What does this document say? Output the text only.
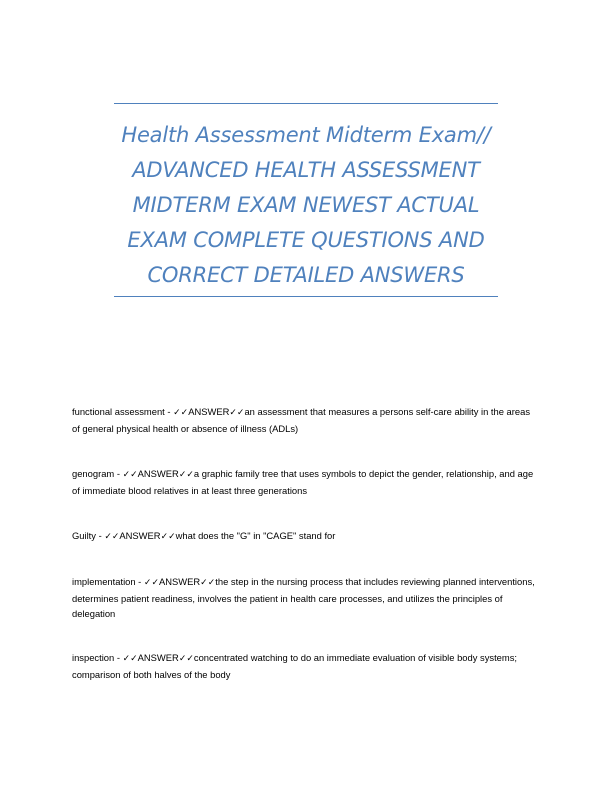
Health Assessment Midterm Exam//
ADVANCED HEALTH ASSESSMENT
MIDTERM EXAM NEWEST ACTUAL
EXAM COMPLETE QUESTIONS AND
CORRECT DETAILED ANSWERS
functional assessment - ✓✓ANSWER✓✓an assessment that measures a persons self-care ability in the areas of general physical health or absence of illness (ADLs)
genogram - ✓✓ANSWER✓✓a graphic family tree that uses symbols to depict the gender, relationship, and age of immediate blood relatives in at least three generations
Guilty - ✓✓ANSWER✓✓what does the "G" in "CAGE" stand for
implementation - ✓✓ANSWER✓✓the step in the nursing process that includes reviewing planned interventions, determines patient readiness, involves the patient in health care processes, and utilizes the principles of delegation
inspection - ✓✓ANSWER✓✓concentrated watching to do an immediate evaluation of visible body systems; comparison of both halves of the body
